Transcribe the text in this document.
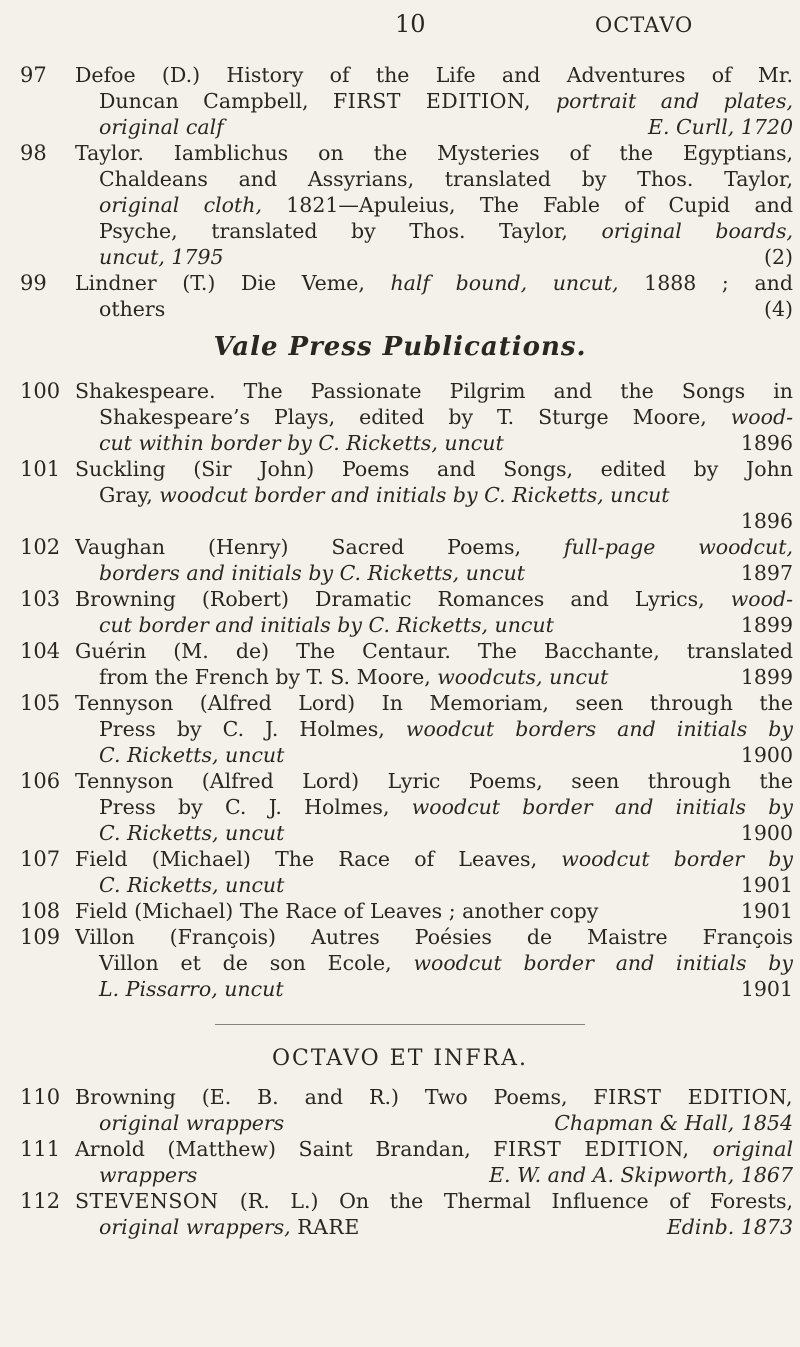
10	OCTAVO
97 Defoe (D.) History of the Life and Adventures of Mr.
Duncan Campbell, FIRST EDITION, portrait and plates,
original calf	E. Curll, 1720
98 Taylor. Iamblichus on the Mysteries of the Egyptians,
Chaldeans and Assyrians, translated by Thos. Taylor,
original cloth, 1821—Apuleius, The Fable of Cupid and
Psyche, translated by Thos. Taylor, original boards,
uncut, 1795	(2)
99 Lindner (T.) Die Veme, half bound, uncut, 1888 ; and
others	(4)
Vale Press Publications.
100 Shakespeare. The Passionate Pilgrim and the Songs in
Shakespeare’s Plays, edited by T. Sturge Moore, wood-
cut within border by C. Ricketts, uncut	1896
101 Suckling (Sir John) Poems and Songs, edited by John
Gray, woodcut border and initials by C. Ricketts, uncut
1896
102 Vaughan (Henry) Sacred Poems, full-page woodcut,
borders and initials by C. Ricketts, uncut	1897
103 Browning (Robert) Dramatic Romances and Lyrics, wood-
cut border and initials by C. Ricketts, uncut	1899
104 Guérin (M. de) The Centaur. The Bacchante, translated
from the French by T. S. Moore, woodcuts, uncut	1899
105 Tennyson (Alfred Lord) In Memoriam, seen through the
Press by C. J. Holmes, woodcut borders and initials by
C. Ricketts, uncut	1900
106 Tennyson (Alfred Lord) Lyric Poems, seen through the
Press by C. J. Holmes, woodcut border and initials by
C. Ricketts, uncut	1900
107 Field (Michael) The Race of Leaves, woodcut border by
C. Ricketts, uncut	1901
108 Field (Michael) The Race of Leaves ; another copy	1901
109 Villon (François) Autres Poésies de Maistre François
Villon et de son Ecole, woodcut border and initials by
L. Pissarro, uncut	1901
OCTAVO ET INFRA.
110 Browning (E. B. and R.) Two Poems, FIRST EDITION,
original wrappers	Chapman & Hall, 1854
111 Arnold (Matthew) Saint Brandan, FIRST EDITION, original
wrappers	E. W. and A. Skipworth, 1867
112 STEVENSON (R. L.) On the Thermal Influence of Forests,
original wrappers, RARE	Edinb. 1873
